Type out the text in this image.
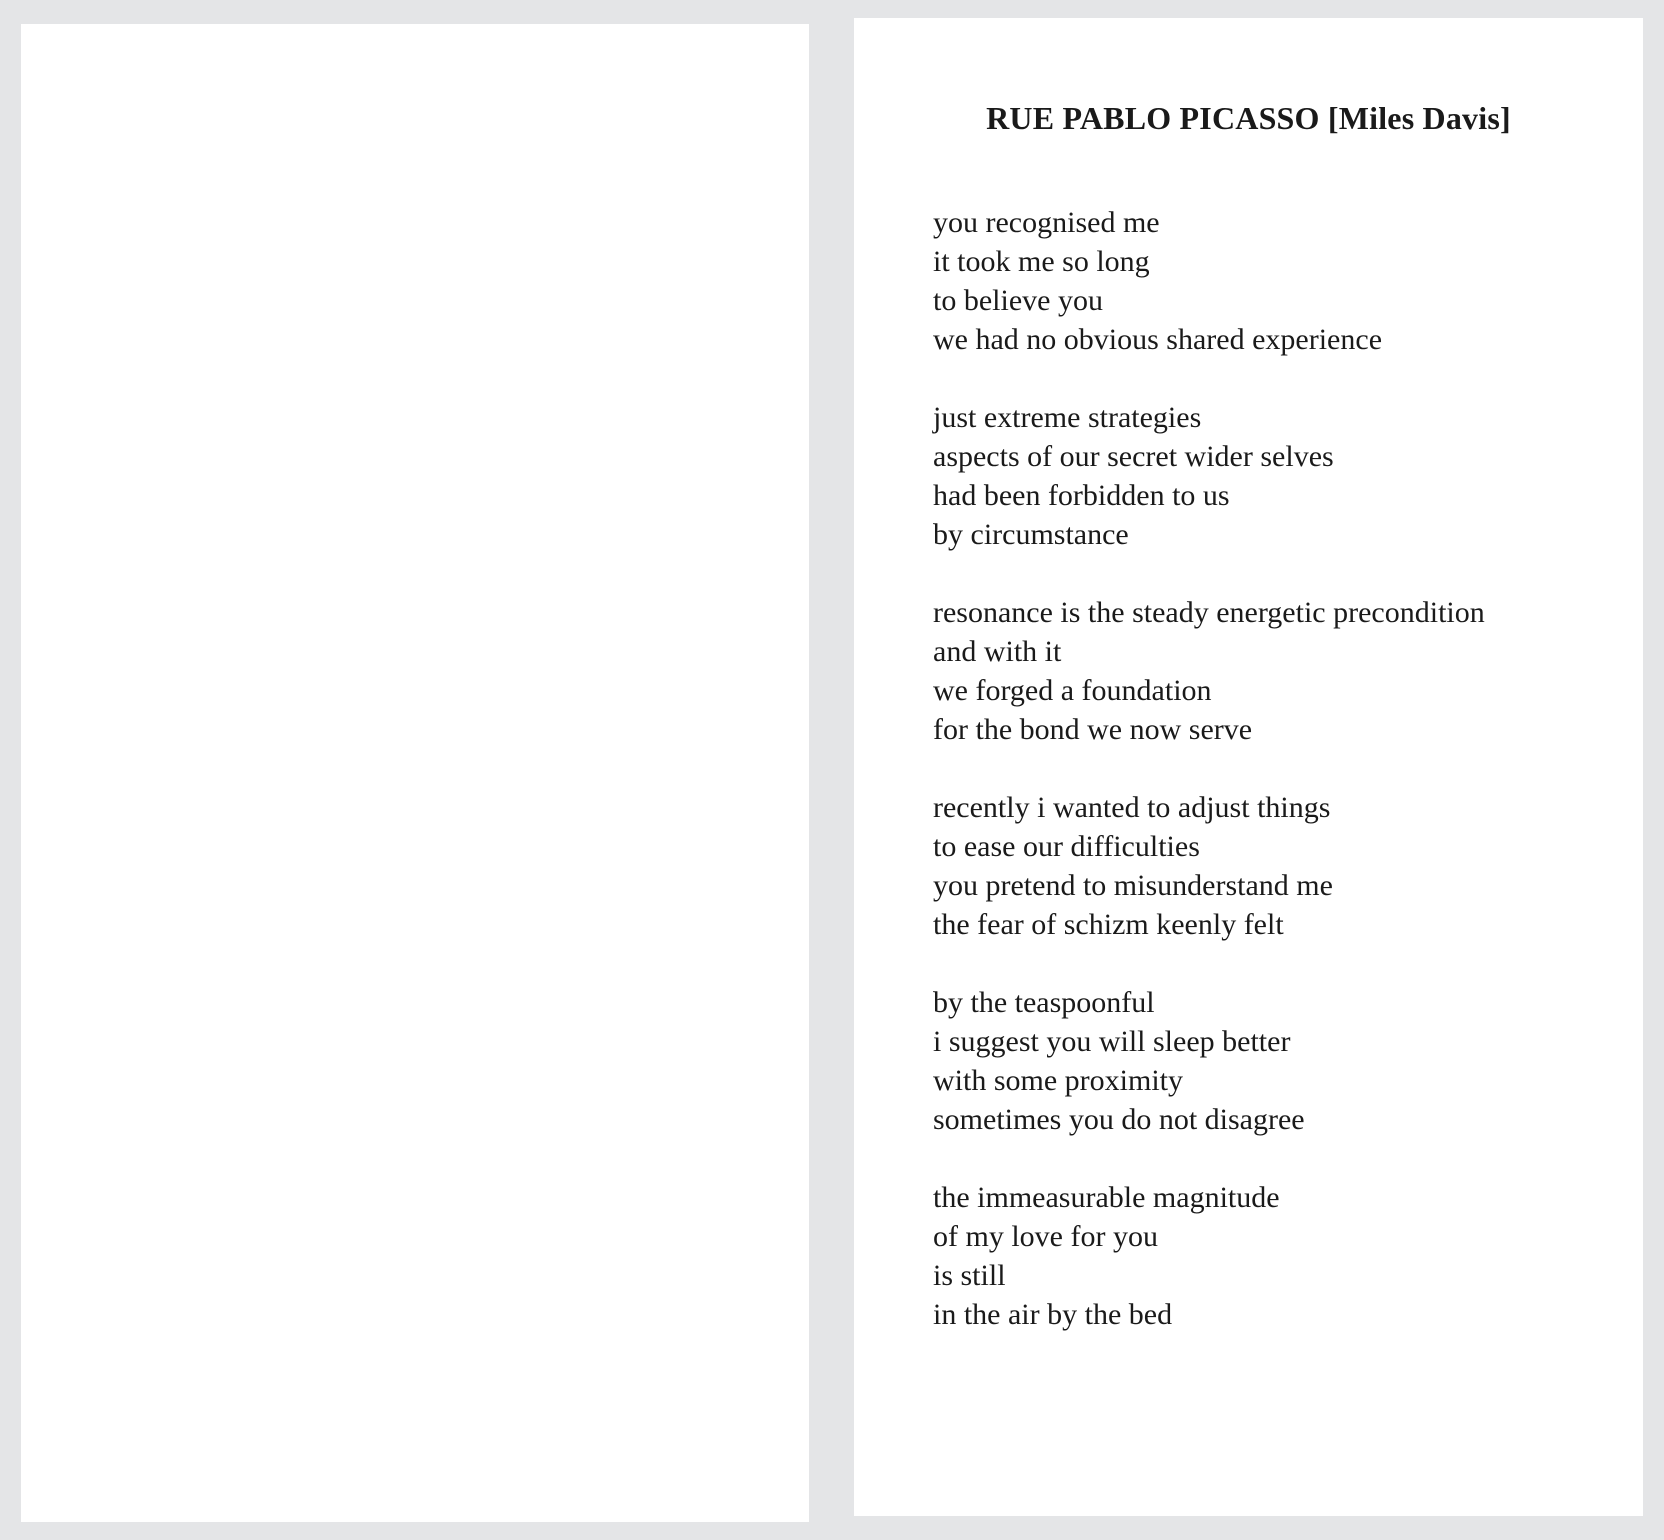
RUE PABLO PICASSO [Miles Davis]
you recognised me
it took me so long
to believe you
we had no obvious shared experience
just extreme strategies
aspects of our secret wider selves
had been forbidden to us
by circumstance
resonance is the steady energetic precondition
and with it
we forged a foundation
for the bond we now serve
recently i wanted to adjust things
to ease our difficulties
you pretend to misunderstand me
the fear of schizm keenly felt
by the teaspoonful
i suggest you will sleep better
with some proximity
sometimes you do not disagree
the immeasurable magnitude
of my love for you
is still
in the air by the bed
